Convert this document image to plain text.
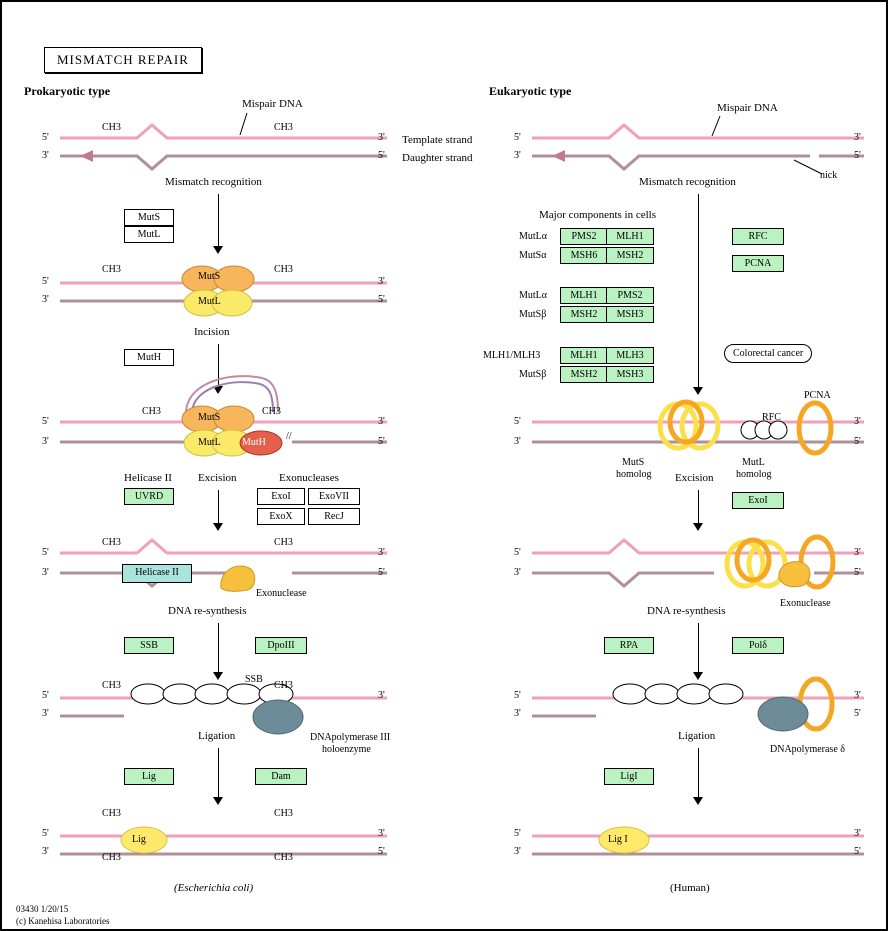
MISMATCH REPAIR
Prokaryotic type
Mispair DNA
5'
3'
3'
5'
Template strand
Daughter strand
CH3	CH3
Mismatch recognition
MutS
MutL
5'
3'
3'
5'
CH3	CH3
MutS
MutL
Incision
MutH
MutS
MutL MutH
//
5'
3'
3'
5'
CH3	CH3
Helicase II Excision	Exonucleases
UVRD	ExoI	ExoVII
ExoX	RecJ
Helicase II
Exonuclease
5'
3'
3'
5'
CH3	CH3
DNA re-synthesis
SSB	DpoIII
SSB
DNApolymerase III
holoenzyme
5'
3'
3'
CH3	CH3
Ligation
Lig	Dam
Lig
5'
3'
3'
5'
CH3	CH3
CH3	CH3
(Escherichia coli)
Eukaryotic type
Mispair DNA
5'
3'
3'
5'
nick
Mismatch recognition
Major components in cells
MutLα	PMS2	MLH1
MutSα	MSH6	MSH2
MutLα	MLH1	PMS2
MutSβ	MSH2	MSH3
MLH1/MLH3	MLH1	MLH3
MutSβ	MSH2	MSH3
RFC
PCNA
Colorectal cancer
PCNA
RFC
MutS
homolog
MutL
homolog
5'
3'
3'
5'
Excision
ExoI
Exonuclease
5'
3'
3'
5'
DNA re-synthesis
RPA	Polδ
DNApolymerase δ
5'
3'
3'
5'
Ligation
LigI
Lig I
5'
3'
3'
5'
(Human)
03430 1/20/15
(c) Kanehisa Laboratories
